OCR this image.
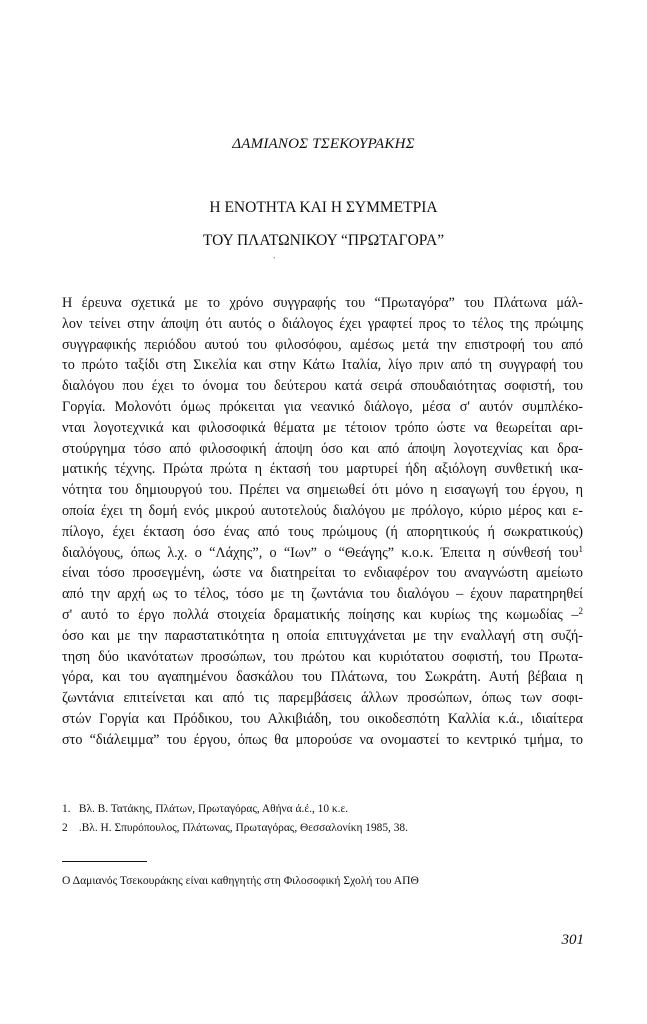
ΔΑΜΙΑΝΟΣ ΤΣΕΚΟΥΡΑΚΗΣ
Η ΕΝΟΤΗΤΑ ΚΑΙ Η ΣΥΜΜΕΤΡΙΑ
ΤΟΥ ΠΛΑΤΩΝΙΚΟΥ “ΠΡΩΤΑΓΟΡΑ”
`
Η έρευνα σχετικά με το χρόνο συγγραφής του “Πρωταγόρα” του Πλάτωνα μάλ-
λον τείνει στην άποψη ότι αυτός ο διάλογος έχει γραφτεί προς το τέλος της πρώιμης
συγγραφικής περιόδου αυτού του φιλοσόφου, αμέσως μετά την επιστροφή του από
το πρώτο ταξίδι στη Σικελία και στην Κάτω Ιταλία, λίγο πριν από τη συγγραφή του
διαλόγου που έχει το όνομα του δεύτερου κατά σειρά σπουδαιότητας σοφιστή, του
Γοργία. Μολονότι όμως πρόκειται για νεανικό διάλογο, μέσα σ' αυτόν συμπλέκο-
νται λογοτεχνικά και φιλοσοφικά θέματα με τέτοιον τρόπο ώστε να θεωρείται αρι-
στούργημα τόσο από φιλοσοφική άποψη όσο και από άποψη λογοτεχνίας και δρα-
ματικής τέχνης. Πρώτα πρώτα η έκτασή του μαρτυρεί ήδη αξιόλογη συνθετική ικα-
νότητα του δημιουργού του. Πρέπει να σημειωθεί ότι μόνο η εισαγωγή του έργου, η
οποία έχει τη δομή ενός μικρού αυτοτελούς διαλόγου με πρόλογο, κύριο μέρος και ε-
πίλογο, έχει έκταση όσο ένας από τους πρώιμους (ή απορητικούς ή σωκρατικούς)
διαλόγους, όπως λ.χ. ο “Λάχης”, ο “Ιων” ο “Θεάγης” κ.ο.κ. Έπειτα η σύνθεσή του$^1$
είναι τόσο προσεγμένη, ώστε να διατηρείται το ενδιαφέρον του αναγνώστη αμείωτο
από την αρχή ως το τέλος, τόσο με τη ζωντάνια του διαλόγου – έχουν παρατηρηθεί
σ' αυτό το έργο πολλά στοιχεία δραματικής ποίησης και κυρίως της κωμωδίας –$^2$
όσο και με την παραστατικότητα η οποία επιτυγχάνεται με την εναλλαγή στη συζή-
τηση δύο ικανότατων προσώπων, του πρώτου και κυριότατου σοφιστή, του Πρωτα-
γόρα, και του αγαπημένου δασκάλου του Πλάτωνα, του Σωκράτη. Αυτή βέβαια η
ζωντάνια επιτείνεται και από τις παρεμβάσεις άλλων προσώπων, όπως των σοφι-
στών Γοργία και Πρόδικου, του Αλκιβιάδη, του οικοδεσπότη Καλλία κ.ά., ιδιαίτερα
στο “διάλειμμα” του έργου, όπως θα μπορούσε να ονομαστεί το κεντρικό τμήμα, το
1. Βλ. Β. Τατάκης, Πλάτων, Πρωταγόρας, Αθήνα ά.έ., 10 κ.ε.
2 .Βλ. Η. Σπυρόπουλος, Πλάτωνας, Πρωταγόρας, Θεσσαλονίκη 1985, 38.
Ο Δαμιανός Τσεκουράκης είναι καθηγητής στη Φιλοσοφική Σχολή του ΑΠΘ
301
